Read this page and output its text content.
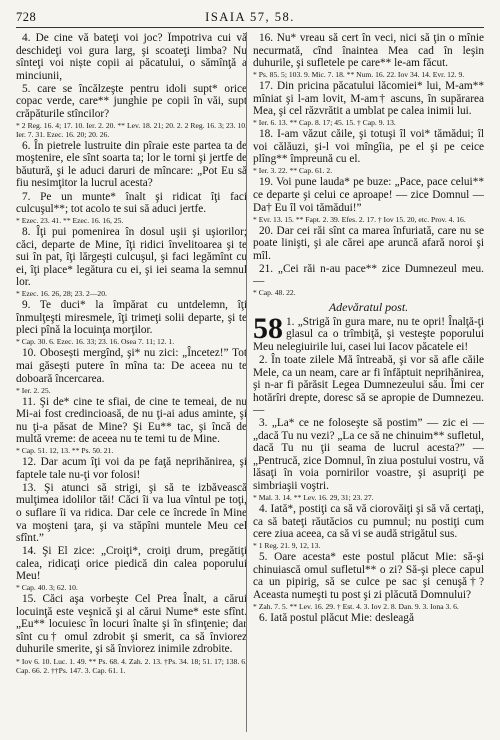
728	ISAIA 57, 58.
4. De cine vă bateţi voi joc? Împotriva cui vă deschideţi voi gura larg, şi scoateţi limba? Nu sînteţi voi niște copii ai păcatului, o sămînţă a minciunii,
5. care se încălzeşte pentru idoli supt* orice copac verde, care** junghie pe copii în văi, supt crăpăturile stîncilor?
* 2 Reg. 16. 4; 17. 10. Ier. 2. 20. ** Lev. 18. 21; 20. 2. 2 Reg. 16. 3; 23. 10. Ier. 7. 31. Ezec. 16. 20; 20. 26.
6. În pietrele lustruite din pîraie este partea ta de moştenire, ele sînt soarta ta; lor le torni şi jertfe de băutură, şi le aduci daruri de mîncare: „Pot Eu să fiu nesimţitor la lucrul acesta?
7. Pe un munte* înalt şi ridicat îţi faci culcuşul**; tot acolo te sui să aduci jertfe.
* Ezec. 23. 41. ** Ezec. 16. 16, 25.
8. Îţi pui pomenirea în dosul uşii şi uşiorilor; căci, departe de Mine, îţi ridici învelitoarea şi te sui în pat, îţi lărgeşti culcuşul, şi faci legămînt cu ei, îţi place* legătura cu ei, şi iei seama la semnul lor.
* Ezec. 16. 26, 28; 23. 2—20.
9. Te duci* la împărat cu untdelemn, îţi înmulţeşti miresmele, îţi trimeţi solii departe, şi te pleci pînă la locuinţa morţilor.
* Cap. 30. 6. Ezec. 16. 33; 23. 16. Osea 7. 11; 12. 1.
10. Obosești mergînd, şi* nu zici: „Încetez!” Tot mai găseşti putere în mîna ta: De aceea nu te doboară încercarea.
* Ier. 2. 25.
11. Şi de* cine te sfiai, de cine te temeai, de nu Mi-ai fost credincioasă, de nu ţi-ai adus aminte, şi nu ţi-a păsat de Mine? Şi Eu** tac, şi încă de multă vreme: de aceea nu te temi tu de Mine.
* Cap. 51. 12, 13. ** Ps. 50. 21.
12. Dar acum îţi voi da pe faţă neprihănirea, şi faptele tale nu-ţi vor folosi!
13. Şi atunci să strigi, şi să te izbăvească mulţimea idolilor tăi! Căci îi va lua vîntul pe toţi, o suflare îi va ridica. Dar cele ce încrede în Mine va moşteni ţara, şi va stăpîni muntele Meu cel sfînt.”
14. Şi El zice: „Croiţi*, croiţi drum, pregătiţi calea, ridicaţi orice piedică din calea poporului Meu!
* Cap. 40. 3; 62. 10.
15. Căci aşa vorbeşte Cel Prea Înalt, a cărui locuinţă este veşnică şi al cărui Nume* este sfînt. „Eu** locuiesc în locuri înalte şi în sfinţenie; dar sînt cu† omul zdrobit şi smerit, ca să înviorez duhurile smerite, şi să înviorez inimile zdrobite.
* Iov 6. 10. Luc. 1. 49. ** Ps. 68. 4. Zah. 2. 13. †Ps. 34. 18; 51. 17; 138. 6. Cap. 66. 2. ††Ps. 147. 3. Cap. 61. 1.
16. Nu* vreau să cert în veci, nici să ţin o mînie necurmată, cînd înaintea Mea cad în leşin duhurile, şi sufletele pe care** le-am făcut.
* Ps. 85. 5; 103. 9. Mic. 7. 18. ** Num. 16. 22. Iov 34. 14. Evr. 12. 9.
17. Din pricina păcatului lăcomiei* lui, M-am** mîniat şi l-am lovit, M-am† ascuns, în supărarea Mea, şi cel răzvrătit a umblat pe calea inimii lui.
* Ier. 6. 13. ** Cap. 8. 17; 45. 15. † Cap. 9. 13.
18. I-am văzut căile, şi totuşi îl voi* tămădui; îl voi călăuzi, şi-l voi mîngîia, pe el şi pe ceice plîng** împreună cu el.
* Ier. 3. 22. ** Cap. 61. 2.
19. Voi pune lauda* pe buze: „Pace, pace celui** ce departe şi celui ce aproape! — zice Domnul — Da† Eu îl voi tămădui!”
* Evr. 13. 15. ** Fapt. 2. 39. Efes. 2. 17. † Iov 15. 20, etc. Prov. 4. 16.
20. Dar cei răi sînt ca marea înfuriată, care nu se poate linişti, şi ale cărei ape aruncă afară noroi şi mîl.
21. „Cei răi n-au pace** zice Dumnezeul meu. —
* Cap. 48. 22.
Adevăratul post.
58 1. „Strigă în gura mare, nu te opri! Înalţă-ţi glasul ca o trîmbiţă, şi vesteşte poporului Meu nelegiuirile lui, casei lui Iacov păcatele ei!
2. În toate zilele Mă întreabă, şi vor să afle căile Mele, ca un neam, care ar fi înfăptuit neprihănirea, şi n-ar fi părăsit Legea Dumnezeului său. Îmi cer hotărîri drepte, doresc să se apropie de Dumnezeu. —
3. „La* ce ne foloseşte să postim” — zic ei — „dacă Tu nu vezi? „La ce să ne chinuim** sufletul, dacă Tu nu ţii seama de lucrul acesta?” — „Pentrucă, zice Domnul, în ziua postului vostru, vă lăsaţi în voia pornirilor voastre, şi asupriţi pe simbriaşii voştri.
* Mal. 3. 14. ** Lev. 16. 29, 31; 23. 27.
4. Iată*, postiţi ca să vă ciorovăiţi şi să vă certaţi, ca să bateţi răutăcios cu pumnul; nu postiţi cum cere ziua aceea, ca să vi se audă strigătul sus.
* 1 Reg. 21. 9, 12, 13.
5. Oare acesta* este postul plăcut Mie: să-şi chinuiască omul sufletul** o zi? Să-şi plece capul ca un pipirig, să se culce pe sac şi cenuşă†? Aceasta numeşti tu post şi zi plăcută Domnului?
* Zah. 7. 5. ** Lev. 16. 29. † Est. 4. 3. Iov 2. 8. Dan. 9. 3. Iona 3. 6.
6. Iată postul plăcut Mie: desleagă
